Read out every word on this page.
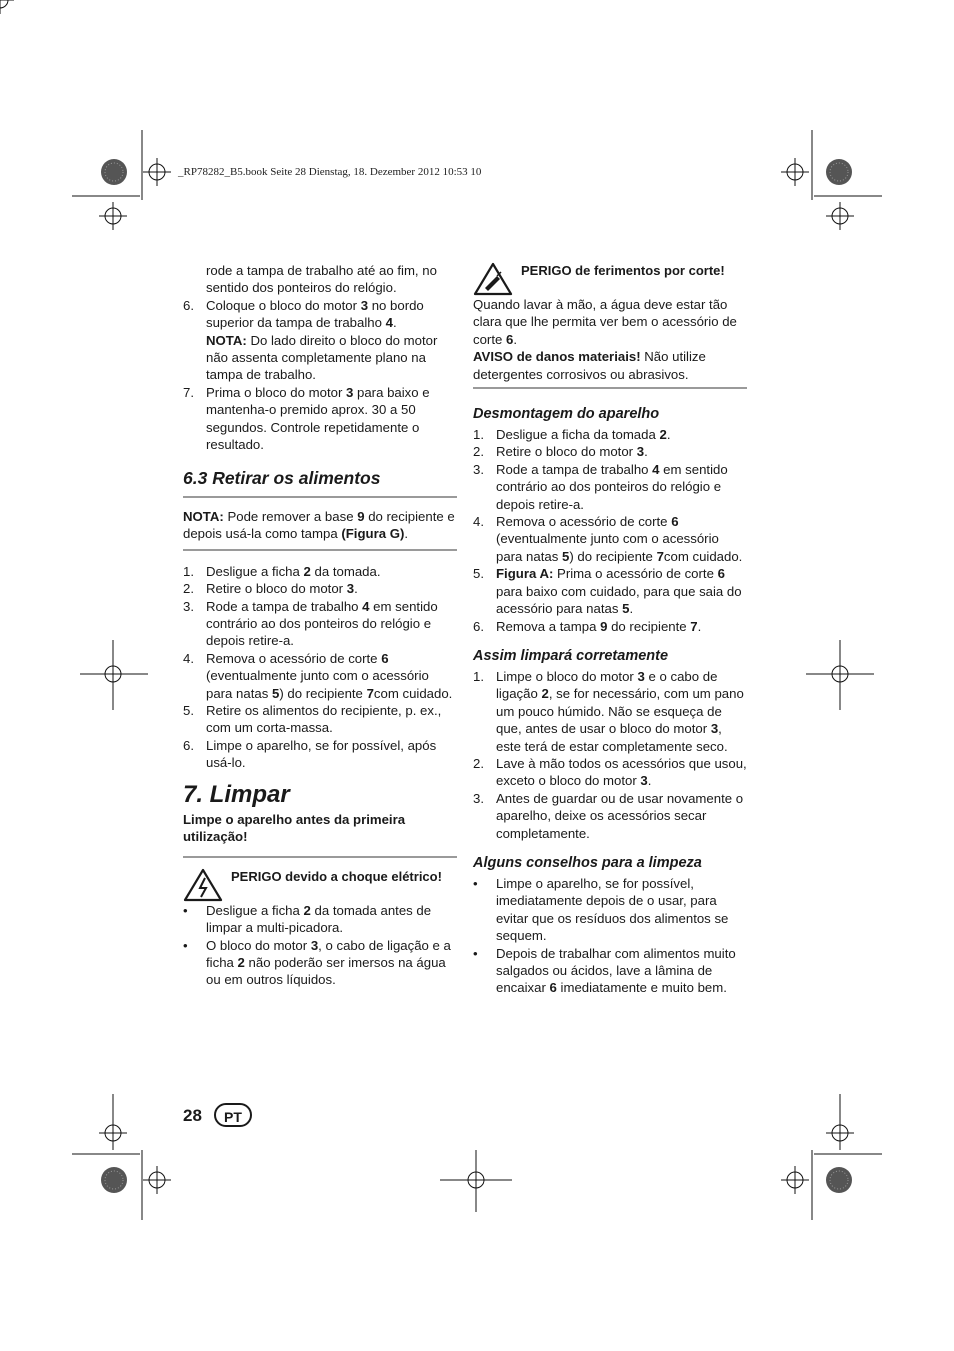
_RP78282_B5.book Seite 28 Dienstag, 18. Dezember 2012 10:53 10
rode a tampa de trabalho até ao fim, no sentido dos ponteiros do relógio.
6. Coloque o bloco do motor 3 no bordo superior da tampa de trabalho 4.
NOTA: Do lado direito o bloco do motor não assenta completamente plano na tampa de trabalho.
7. Prima o bloco do motor 3 para baixo e mantenha-o premido aprox. 30 a 50 segundos. Controle repetidamente o resultado.
6.3 Retirar os alimentos

NOTA: Pode remover a base 9 do recipiente e depois usá-la como tampa (Figura G).

1. Desligue a ficha 2 da tomada.
2. Retire o bloco do motor 3.
3. Rode a tampa de trabalho 4 em sentido contrário ao dos ponteiros do relógio e depois retire-a.
4. Remova o acessório de corte 6 (eventualmente junto com o acessório para natas 5) do recipiente 7com cuidado.
5. Retire os alimentos do recipiente, p. ex., com um corta-massa.
6. Limpe o aparelho, se for possível, após usá-lo.
7. Limpar

Limpe o aparelho antes da primeira utilização!

PERIGO devido a choque elétrico!
•	Desligue a ficha 2 da tomada antes de limpar a multi-picadora.
•	O bloco do motor 3, o cabo de ligação e a ficha 2 não poderão ser imersos na água ou em outros líquidos.
PERIGO de ferimentos por corte!

Quando lavar à mão, a água deve estar tão clara que lhe permita ver bem o acessório de corte 6.

AVISO de danos materiais! Não utilize detergentes corrosivos ou abrasivos.

Desmontagem do aparelho
1. Desligue a ficha da tomada 2.
2. Retire o bloco do motor 3.
3. Rode a tampa de trabalho 4 em sentido contrário ao dos ponteiros do relógio e depois retire-a.
4. Remova o acessório de corte 6 (eventualmente junto com o acessório para natas 5) do recipiente 7com cuidado.
5. Figura A: Prima o acessório de corte 6 para baixo com cuidado, para que saia do acessório para natas 5.
6. Remova a tampa 9 do recipiente 7.
Assim limpará corretamente
1. Limpe o bloco do motor 3 e o cabo de ligação 2, se for necessário, com um pano um pouco húmido. Não se esqueça de que, antes de usar o bloco do motor 3, este terá de estar completamente seco.
2. Lave à mão todos os acessórios que usou, exceto o bloco do motor 3.
3. Antes de guardar ou de usar novamente o aparelho, deixe os acessórios secar completamente.
Alguns conselhos para a limpeza
•	Limpe o aparelho, se for possível, imediatamente depois de o usar, para evitar que os resíduos dos alimentos se sequem.
•	Depois de trabalhar com alimentos muito salgados ou ácidos, lave a lâmina de encaixar 6 imediatamente e muito bem.
28	PT
